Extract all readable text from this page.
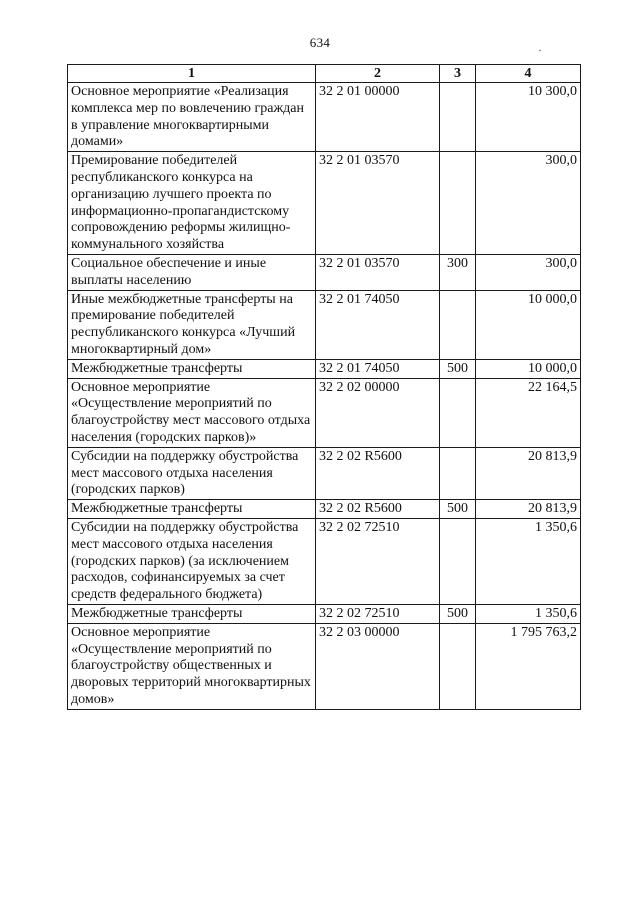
634
1	2	3	4
Основное мероприятие «Реализация комплекса мер по вовлечению граждан в управление многоквартирными домами»	32 2 01 00000		10 300,0
Премирование победителей республиканского конкурса на организацию лучшего проекта по информационно-пропагандистскому сопровождению реформы жилищно-коммунального хозяйства	32 2 01 03570		300,0
Социальное обеспечение и иные выплаты населению	32 2 01 03570	300	300,0
Иные межбюджетные трансферты на премирование победителей республиканского конкурса «Лучший многоквартирный дом»	32 2 01 74050		10 000,0
Межбюджетные трансферты	32 2 01 74050	500	10 000,0
Основное мероприятие «Осуществление мероприятий по благоустройству мест массового отдыха населения (городских парков)»	32 2 02 00000		22 164,5
Субсидии на поддержку обустройства мест массового отдыха населения (городских парков)	32 2 02 R5600		20 813,9
Межбюджетные трансферты	32 2 02 R5600	500	20 813,9
Субсидии на поддержку обустройства мест массового отдыха населения (городских парков) (за исключением расходов, софинансируемых за счет средств федерального бюджета)	32 2 02 72510		1 350,6
Межбюджетные трансферты	32 2 02 72510	500	1 350,6
Основное мероприятие «Осуществление мероприятий по благоустройству общественных и дворовых территорий многоквартирных домов»	32 2 03 00000		1 795 763,2
